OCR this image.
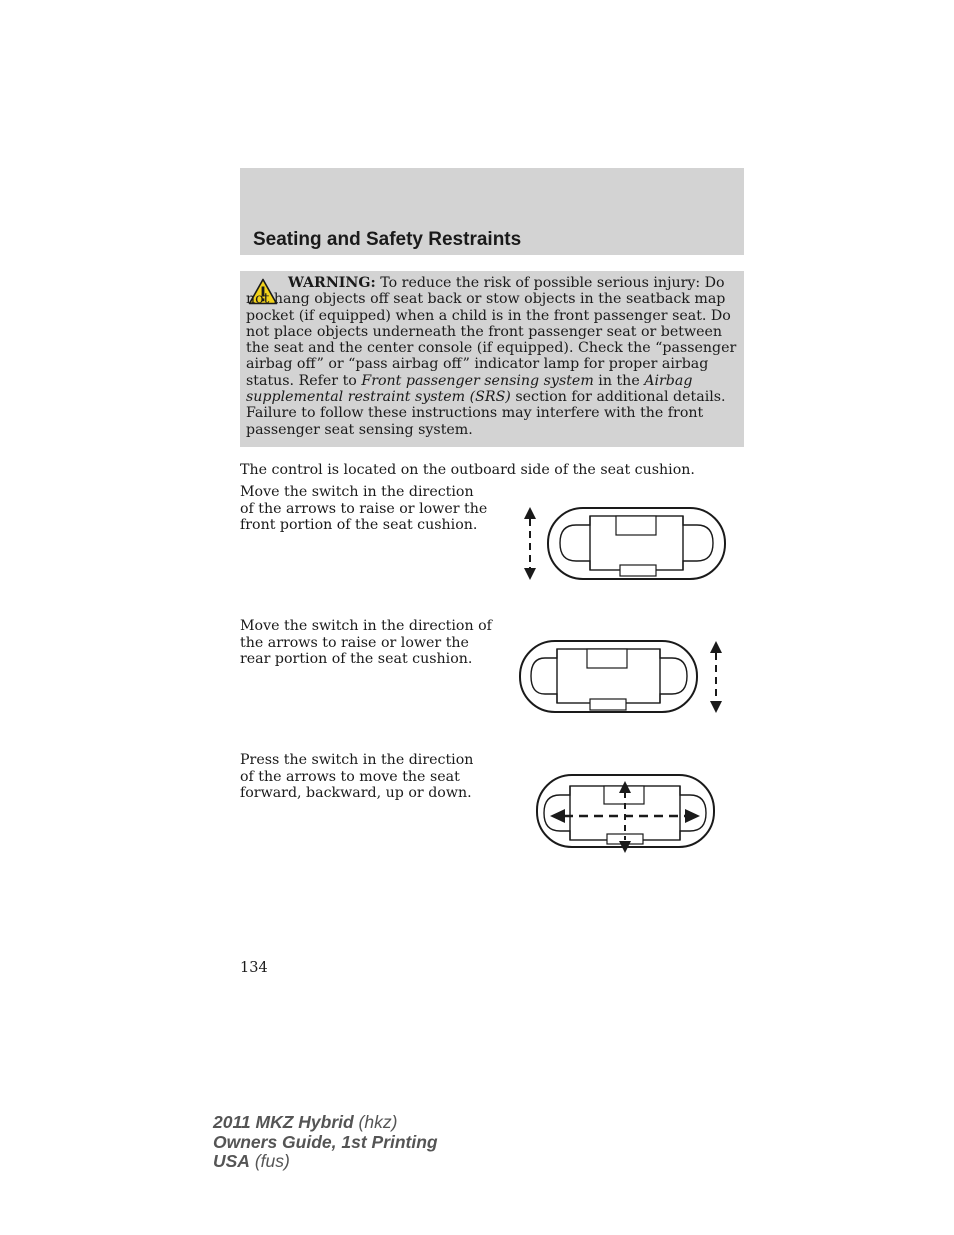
Seating and Safety Restraints
WARNING: To reduce the risk of possible serious injury: Do not hang objects off seat back or stow objects in the seatback map pocket (if equipped) when a child is in the front passenger seat. Do not place objects underneath the front passenger seat or between the seat and the center console (if equipped). Check the “passenger airbag off” or “pass airbag off” indicator lamp for proper airbag status. Refer to Front passenger sensing system in the Airbag supplemental restraint system (SRS) section for additional details. Failure to follow these instructions may interfere with the front passenger seat sensing system.
The control is located on the outboard side of the seat cushion.
Move the switch in the direction of the arrows to raise or lower the front portion of the seat cushion.
Move the switch in the direction of the arrows to raise or lower the rear portion of the seat cushion.
Press the switch in the direction of the arrows to move the seat forward, backward, up or down.
134
2011 MKZ Hybrid (hkz)
Owners Guide, 1st Printing
USA (fus)
